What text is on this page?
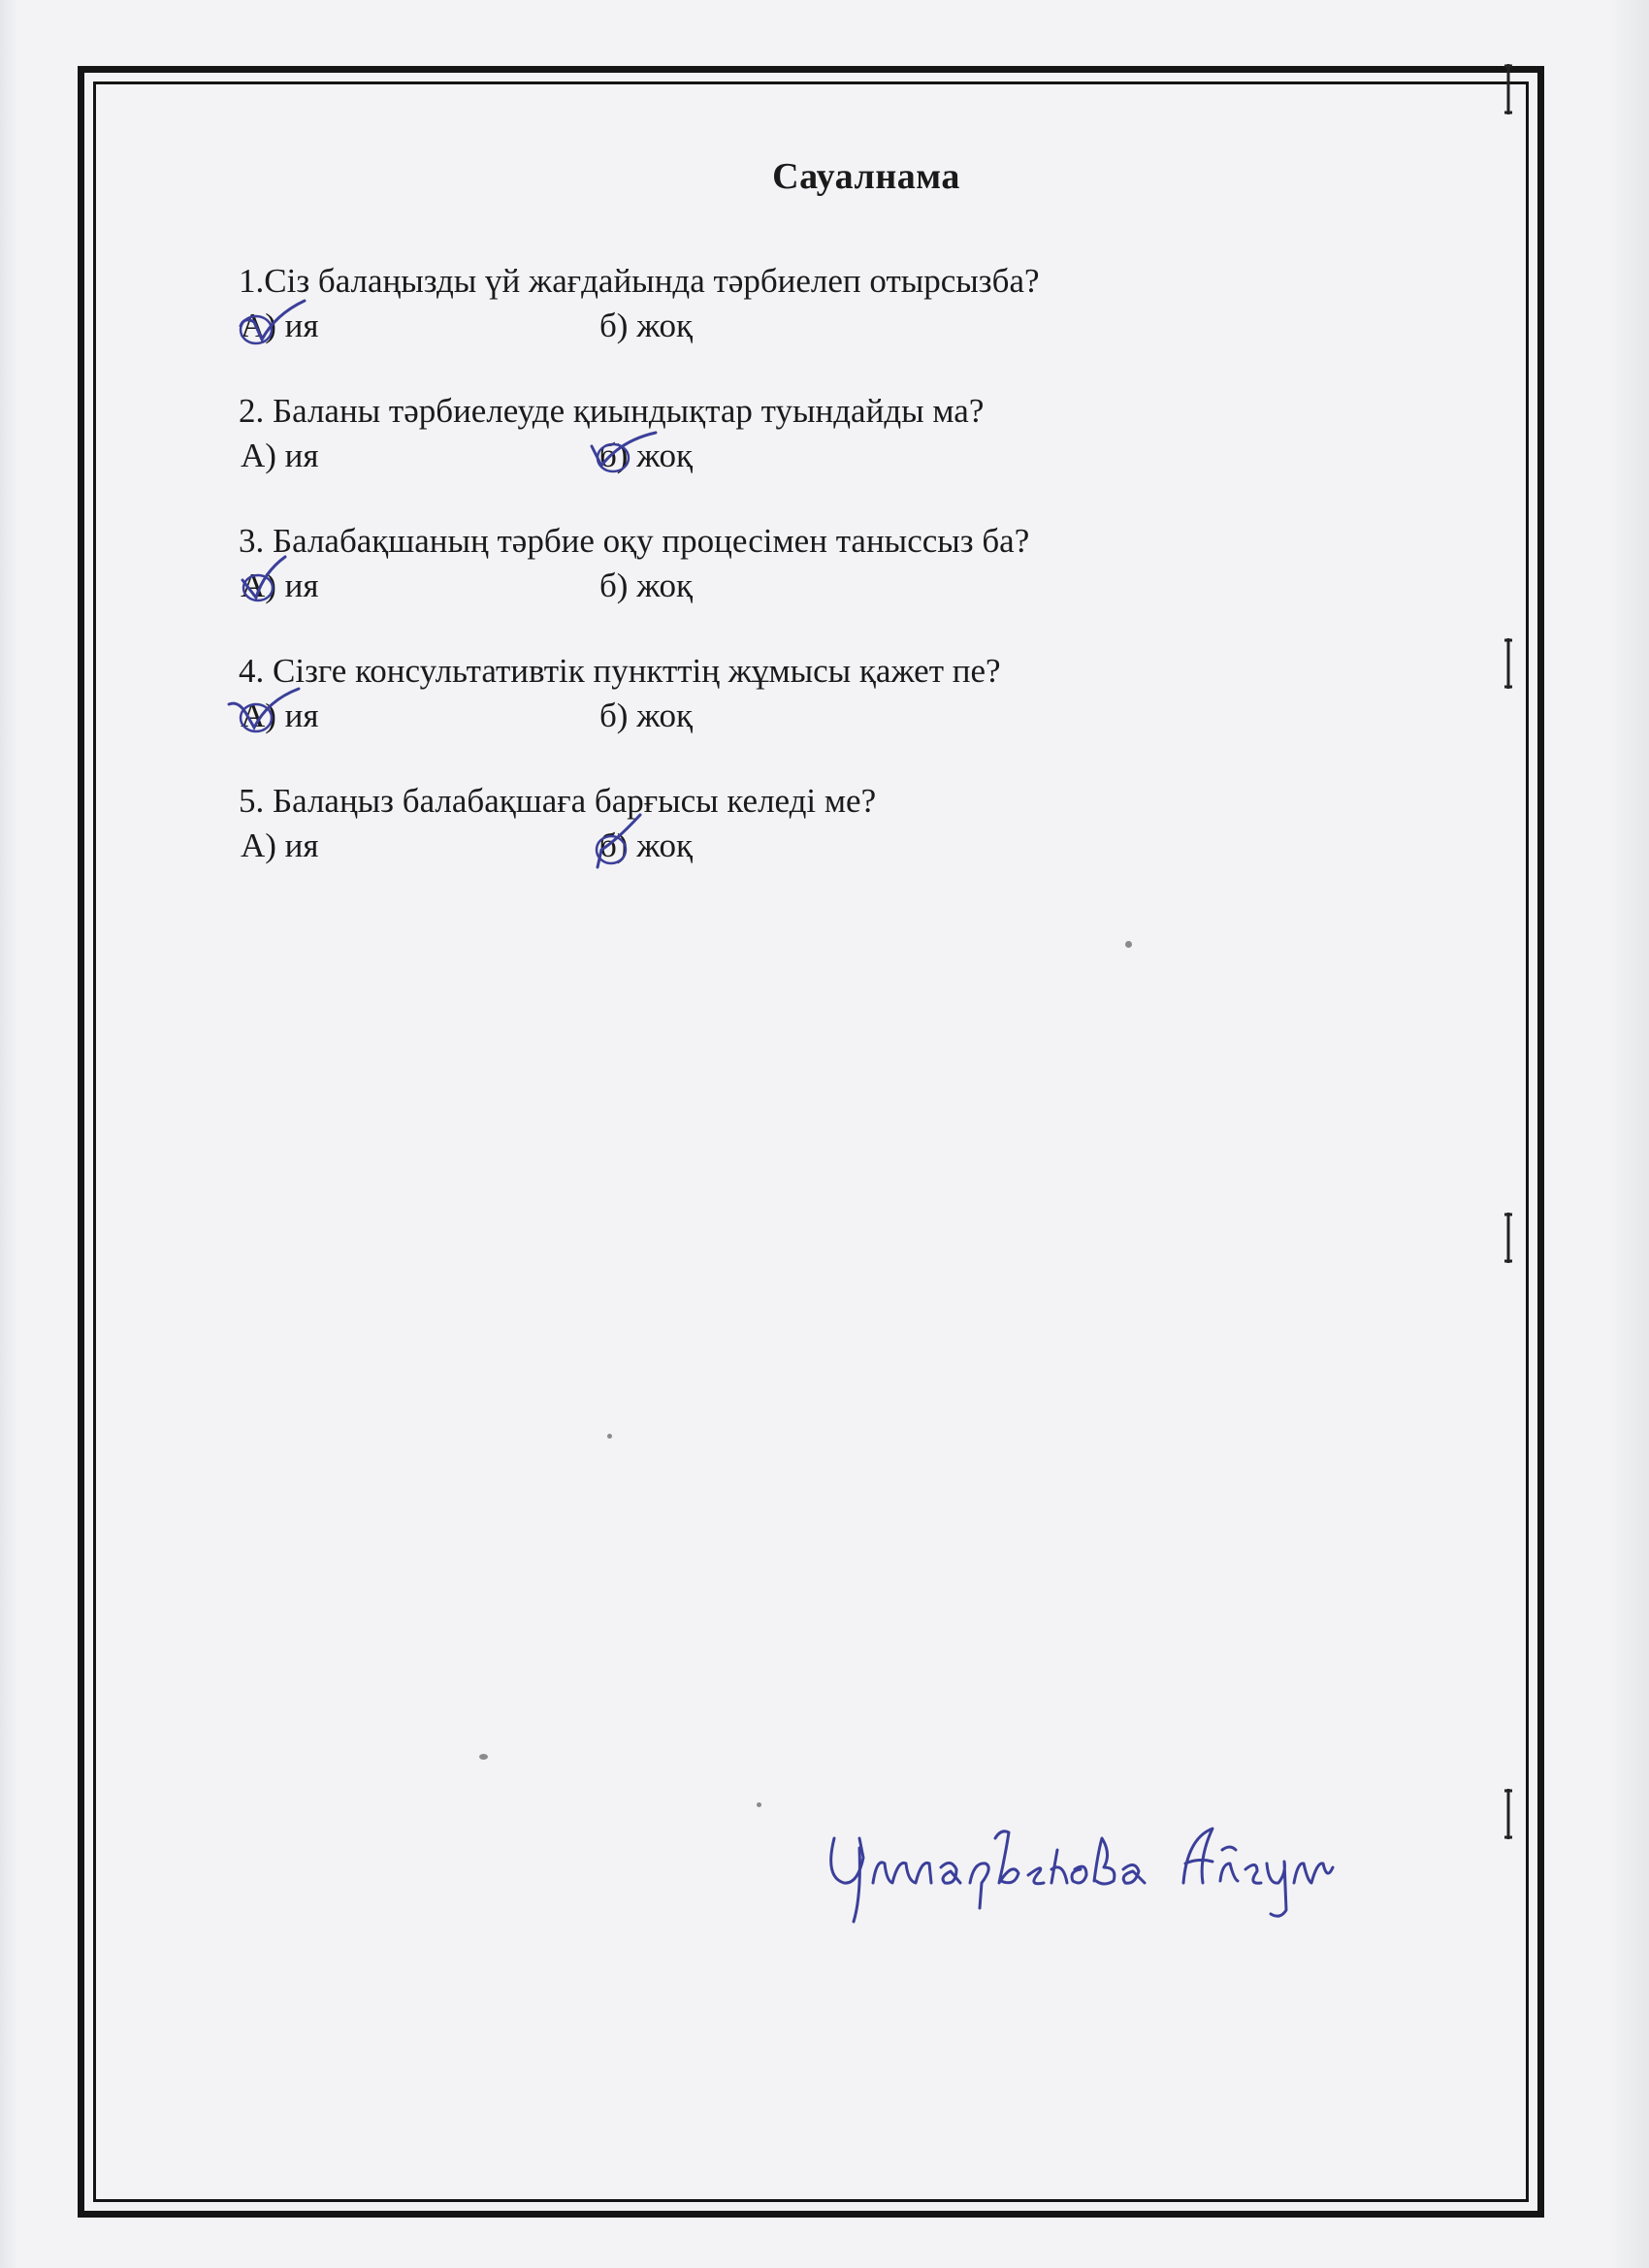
Сауалнама
1.Сіз балаңызды үй жағдайында тәрбиелеп отырсызба?
А) ия	б) жоқ
2. Баланы тәрбиелеуде қиындықтар туындайды ма?
А) ия	б) жоқ
3. Балабақшаның тәрбие оқу процесімен таныссыз ба?
А) ия	б) жоқ
4. Сізге консультативтік пункттің жұмысы қажет пе?
А) ия	б) жоқ
5. Балаңыз балабақшаға барғысы келеді ме?
А) ия	б) жоқ
